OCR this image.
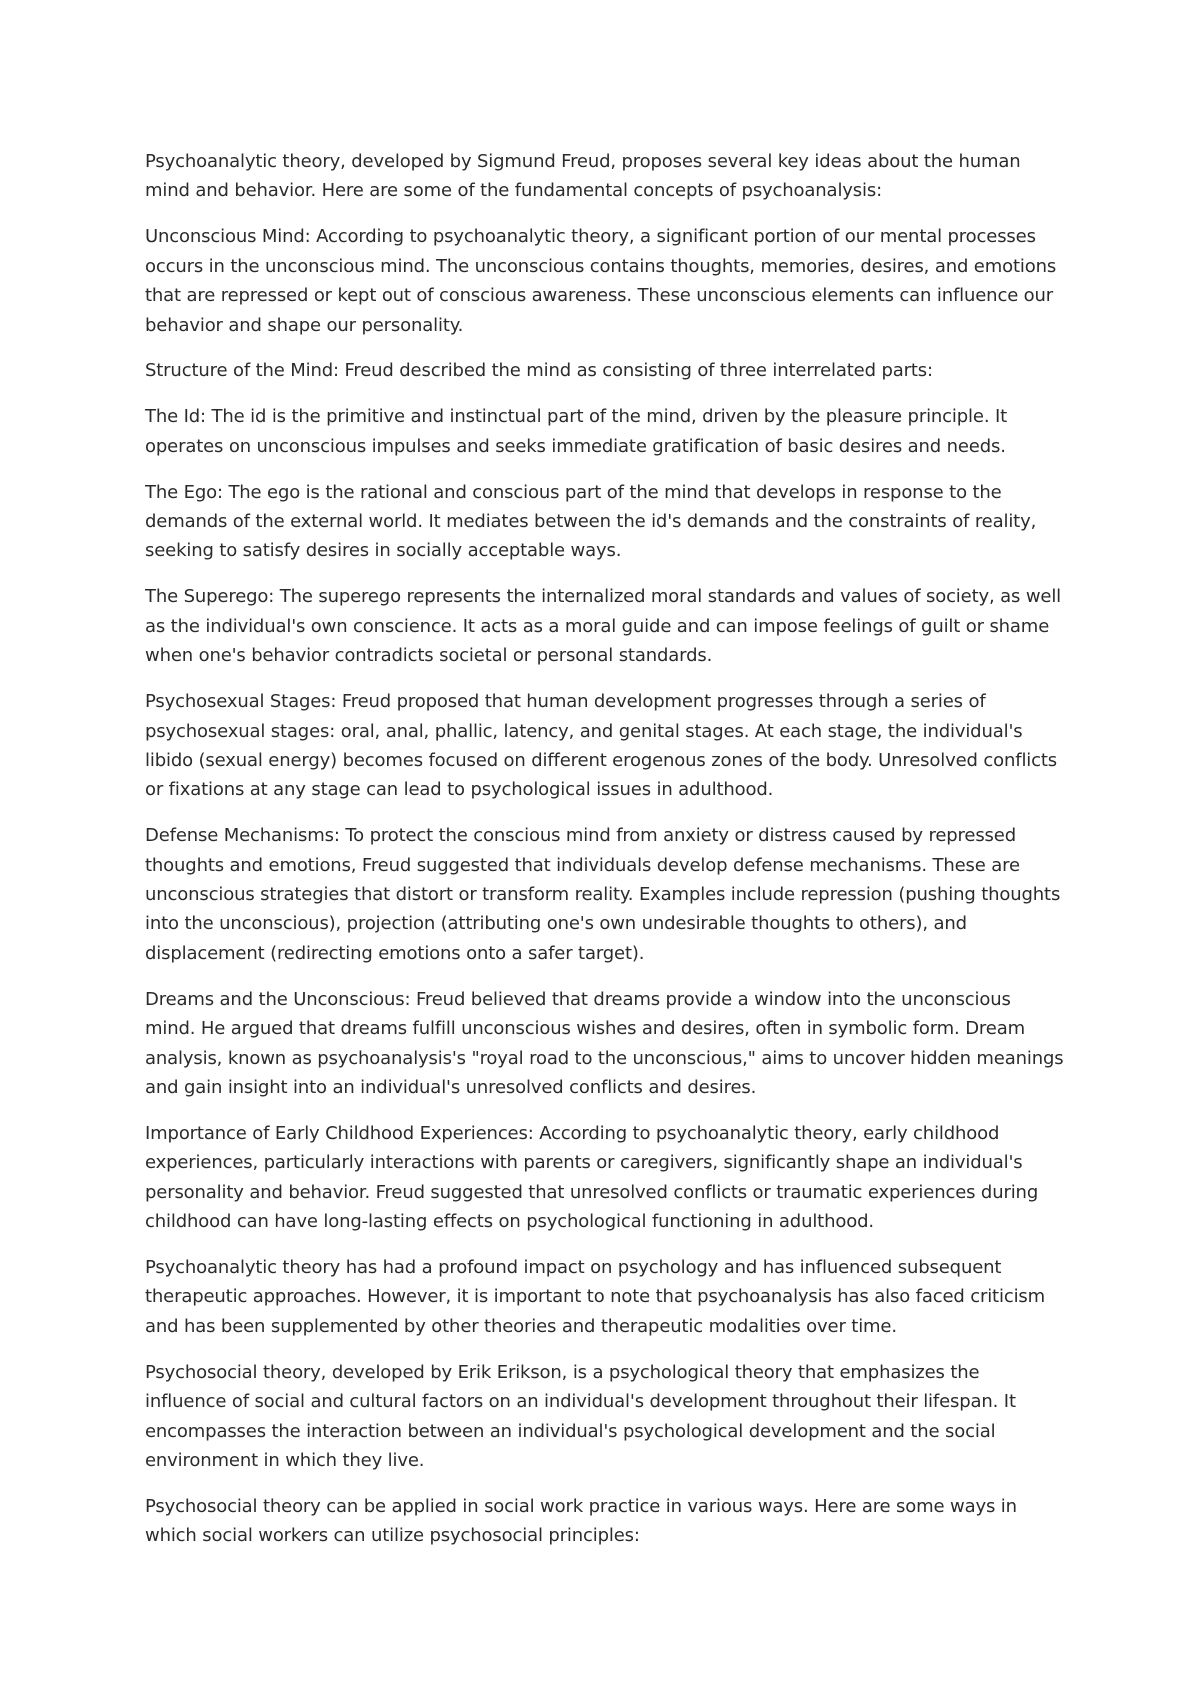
Psychoanalytic theory, developed by Sigmund Freud, proposes several key ideas about the human mind and behavior. Here are some of the fundamental concepts of psychoanalysis:

Unconscious Mind: According to psychoanalytic theory, a significant portion of our mental processes occurs in the unconscious mind. The unconscious contains thoughts, memories, desires, and emotions that are repressed or kept out of conscious awareness. These unconscious elements can influence our behavior and shape our personality.

Structure of the Mind: Freud described the mind as consisting of three interrelated parts:

The Id: The id is the primitive and instinctual part of the mind, driven by the pleasure principle. It operates on unconscious impulses and seeks immediate gratification of basic desires and needs.

The Ego: The ego is the rational and conscious part of the mind that develops in response to the demands of the external world. It mediates between the id's demands and the constraints of reality, seeking to satisfy desires in socially acceptable ways.

The Superego: The superego represents the internalized moral standards and values of society, as well as the individual's own conscience. It acts as a moral guide and can impose feelings of guilt or shame when one's behavior contradicts societal or personal standards.

Psychosexual Stages: Freud proposed that human development progresses through a series of psychosexual stages: oral, anal, phallic, latency, and genital stages. At each stage, the individual's libido (sexual energy) becomes focused on different erogenous zones of the body. Unresolved conflicts or fixations at any stage can lead to psychological issues in adulthood.

Defense Mechanisms: To protect the conscious mind from anxiety or distress caused by repressed thoughts and emotions, Freud suggested that individuals develop defense mechanisms. These are unconscious strategies that distort or transform reality. Examples include repression (pushing thoughts into the unconscious), projection (attributing one's own undesirable thoughts to others), and displacement (redirecting emotions onto a safer target).

Dreams and the Unconscious: Freud believed that dreams provide a window into the unconscious mind. He argued that dreams fulfill unconscious wishes and desires, often in symbolic form. Dream analysis, known as psychoanalysis's "royal road to the unconscious," aims to uncover hidden meanings and gain insight into an individual's unresolved conflicts and desires.

Importance of Early Childhood Experiences: According to psychoanalytic theory, early childhood experiences, particularly interactions with parents or caregivers, significantly shape an individual's personality and behavior. Freud suggested that unresolved conflicts or traumatic experiences during childhood can have long-lasting effects on psychological functioning in adulthood.

Psychoanalytic theory has had a profound impact on psychology and has influenced subsequent therapeutic approaches. However, it is important to note that psychoanalysis has also faced criticism and has been supplemented by other theories and therapeutic modalities over time.

Psychosocial theory, developed by Erik Erikson, is a psychological theory that emphasizes the influence of social and cultural factors on an individual's development throughout their lifespan. It encompasses the interaction between an individual's psychological development and the social environment in which they live.

Psychosocial theory can be applied in social work practice in various ways. Here are some ways in which social workers can utilize psychosocial principles:
